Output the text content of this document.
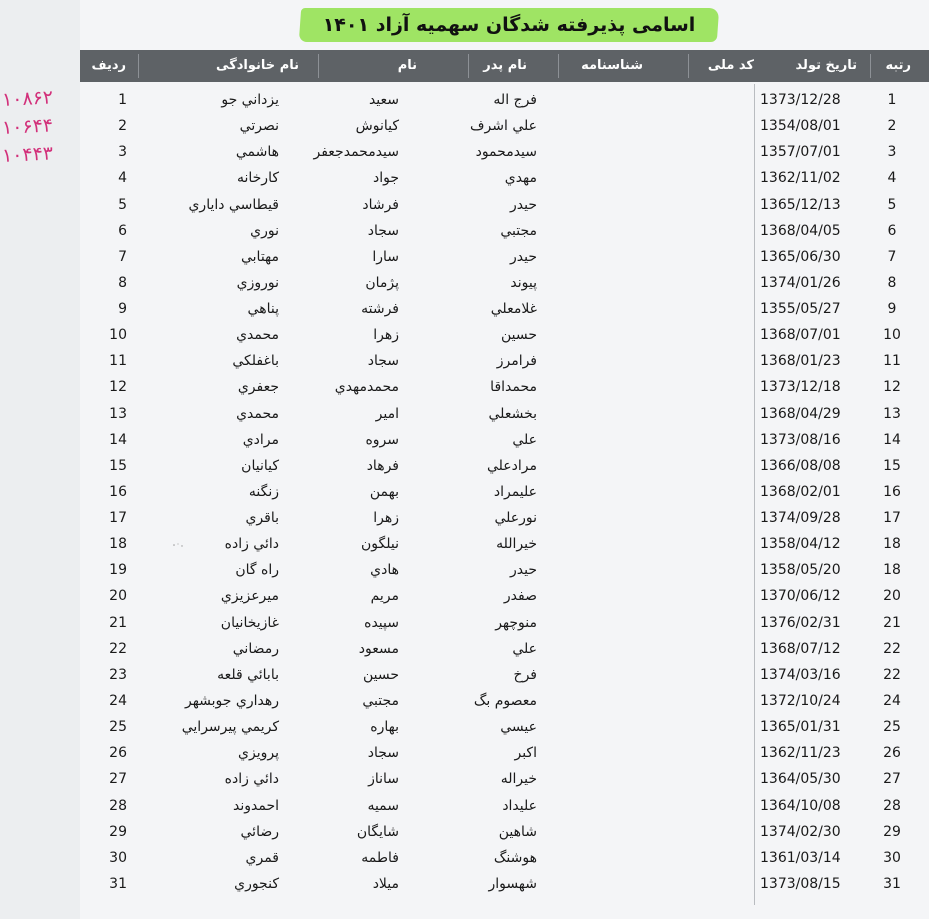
اسامی پذیرفته شدگان سهمیه آزاد ۱۴۰۱
رتبه
تاريخ تولد
كد ملى
شناسنامه
نام پدر
نام
نام خانوادگی
رديف
1
1373/12/28
فرج اله
سعيد
يزداني جو
1
2
1354/08/01
علي اشرف
كيانوش
نصرتي
2
3
1357/07/01
سيدمحمود
سيدمحمدجعفر
هاشمي
3
4
1362/11/02
مهدي
جواد
كارخانه
4
5
1365/12/13
حيدر
فرشاد
قيطاسي داياري
5
6
1368/04/05
مجتبي
سجاد
نوري
6
7
1365/06/30
حيدر
سارا
مهتابي
7
8
1374/01/26
پيوند
پژمان
نوروزي
8
9
1355/05/27
غلامعلي
فرشته
پناهي
9
10
1368/07/01
حسين
زهرا
محمدي
10
11
1368/01/23
فرامرز
سجاد
باغفلكي
11
12
1373/12/18
محمداقا
محمدمهدي
جعفري
12
13
1368/04/29
بخشعلي
امير
محمدي
13
14
1373/08/16
علي
سروه
مرادي
14
15
1366/08/08
مرادعلي
فرهاد
كيانيان
15
16
1368/02/01
عليمراد
بهمن
زنگنه
16
17
1374/09/28
نورعلي
زهرا
باقري
17
18
1358/04/12
خيرالله
نيلگون
دائي زاده
18
18
1358/05/20
حيدر
هادي
راه گان
19
20
1370/06/12
صفدر
مريم
ميرعزيزي
20
21
1376/02/31
منوچهر
سپيده
غازيخانيان
21
22
1368/07/12
علي
مسعود
رمضاني
22
22
1374/03/16
فرخ
حسين
بابائي قلعه
23
24
1372/10/24
معصوم بگ
مجتبي
رهداري جوبشهر
24
25
1365/01/31
عيسي
بهاره
كريمي پيرسرايي
25
26
1362/11/23
اكبر
سجاد
پرويزي
26
27
1364/05/30
خيراله
ساناز
دائي زاده
27
28
1364/10/08
عليداد
سميه
احمدوند
28
29
1374/02/30
شاهين
شايگان
رضائي
29
30
1361/03/14
هوشنگ
فاطمه
قمري
30
31
1373/08/15
شهسوار
ميلاد
كنجوري
31
۱۰۸۶۲
۱۰۶۴۴
۱۰۴۴۳
